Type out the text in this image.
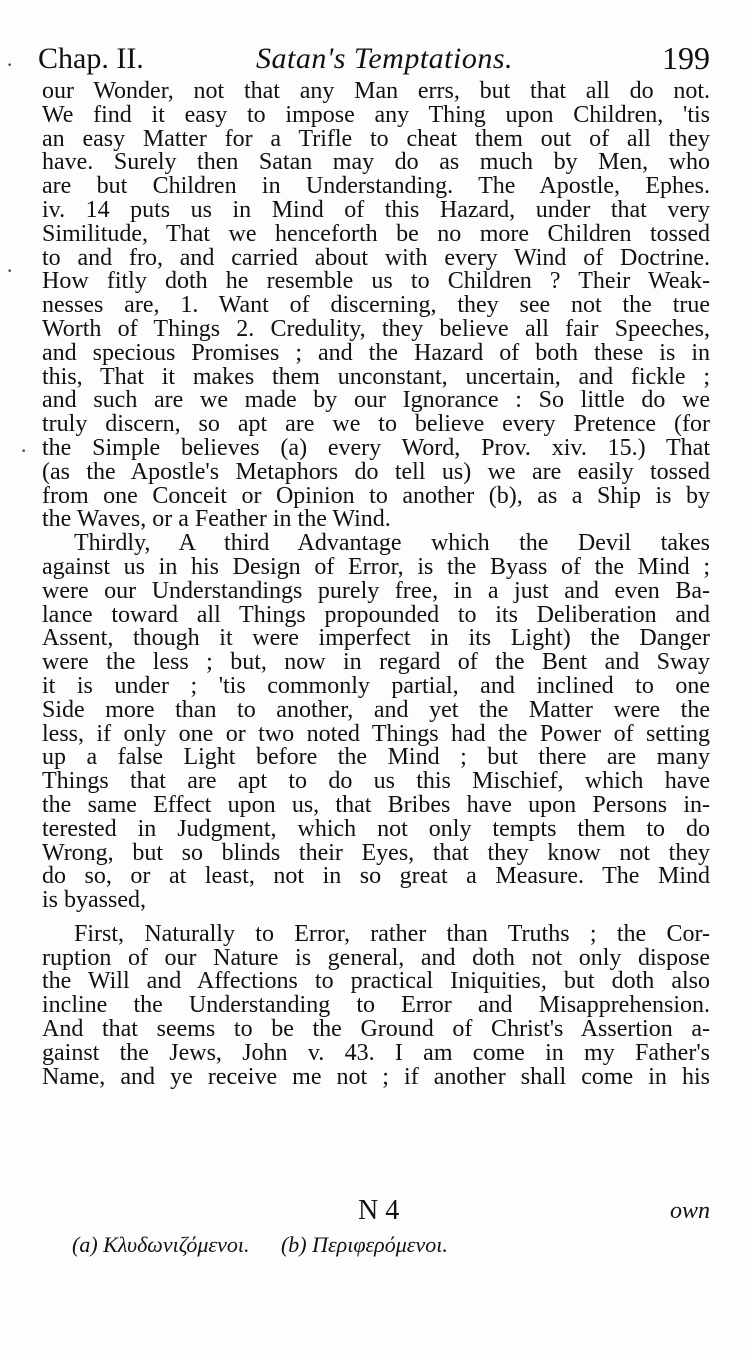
Chap. II.	Satan's Temptations.	199
·
·
·
our Wonder, not that any Man errs, but that all do not.
We find it easy to impose any Thing upon Children, 'tis
an easy Matter for a Trifle to cheat them out of all they
have. Surely then Satan may do as much by Men, who
are but Children in Understanding. The Apostle, Ephes.
iv. 14 puts us in Mind of this Hazard, under that very
Similitude, That we henceforth be no more Children tossed
to and fro, and carried about with every Wind of Doctrine.
How fitly doth he resemble us to Children ? Their Weak-
nesses are, 1. Want of discerning, they see not the true
Worth of Things 2. Credulity, they believe all fair Speeches,
and specious Promises ; and the Hazard of both these is in
this, That it makes them unconstant, uncertain, and fickle ;
and such are we made by our Ignorance : So little do we
truly discern, so apt are we to believe every Pretence (for
the Simple believes (a) every Word, Prov. xiv. 15.) That
(as the Apostle's Metaphors do tell us) we are easily tossed
from one Conceit or Opinion to another (b), as a Ship is by
the Waves, or a Feather in the Wind.
Thirdly, A third Advantage which the Devil takes
against us in his Design of Error, is the Byass of the Mind ;
were our Understandings purely free, in a just and even Ba-
lance toward all Things propounded to its Deliberation and
Assent, though it were imperfect in its Light) the Danger
were the less ; but, now in regard of the Bent and Sway
it is under ; 'tis commonly partial, and inclined to one
Side more than to another, and yet the Matter were the
less, if only one or two noted Things had the Power of setting
up a false Light before the Mind ; but there are many
Things that are apt to do us this Mischief, which have
the same Effect upon us, that Bribes have upon Persons in-
terested in Judgment, which not only tempts them to do
Wrong, but so blinds their Eyes, that they know not they
do so, or at least, not in so great a Measure. The Mind
is byassed,
First, Naturally to Error, rather than Truths ; the Cor-
ruption of our Nature is general, and doth not only dispose
the Will and Affections to practical Iniquities, but doth also
incline the Understanding to Error and Misapprehension.
And that seems to be the Ground of Christ's Assertion a-
gainst the Jews, John v. 43. I am come in my Father's
Name, and ye receive me not ; if another shall come in his
N 4	own
(a) Κλυδωνιζόμενοι. (b) Περιφερόμενοι.
